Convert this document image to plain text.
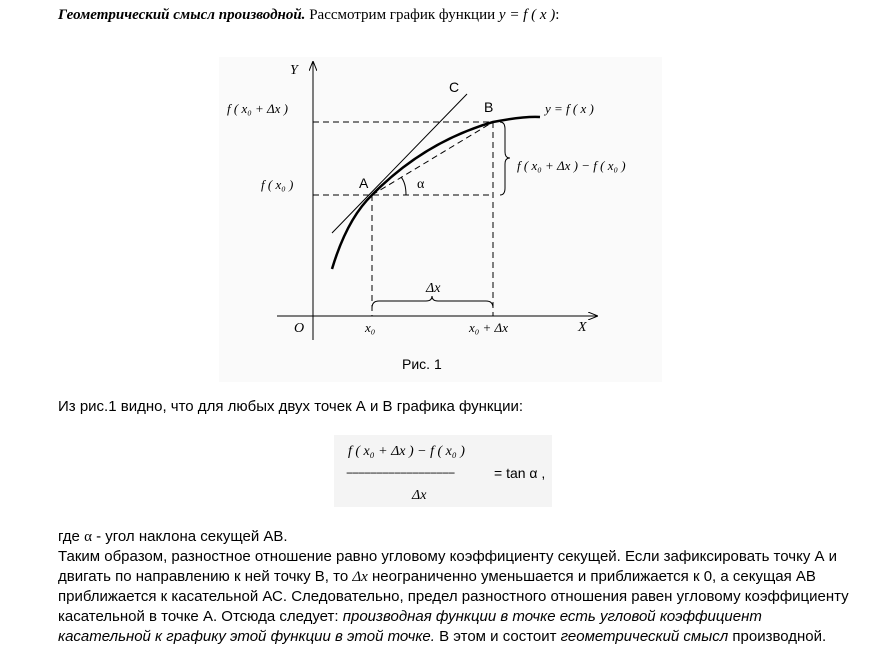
Геометрический смысл производной. Рассмотрим график функции y = f ( x ):
Y
X
O
f ( x₀ + Δx )
f ( x₀ )	A
B
C
y = f ( x )
α
f ( x₀ + Δx ) − f ( x₀ )
Δx
x₀	x₀ + Δx
Рис. 1
Из рис.1 видно, что для любых двух точек А и В графика функции:
f ( x₀ + Δx ) − f ( x₀ )
−−−−−−−−−−−−−−−−−−	= tan α ,
Δx
где α - угол наклона секущей АВ.
Таким образом, разностное отношение равно угловому коэффициенту секущей. Если зафиксировать точку А и двигать по направлению к ней точку В, то Δx неограниченно уменьшается и приближается к 0, а секущая АВ приближается к касательной АС. Следовательно, предел разностного отношения равен угловому коэффициенту касательной в точке А. Отсюда следует: производная функции в точке есть угловой коэффициент касательной к графику этой функции в этой точке. В этом и состоит геометрический смысл производной.
